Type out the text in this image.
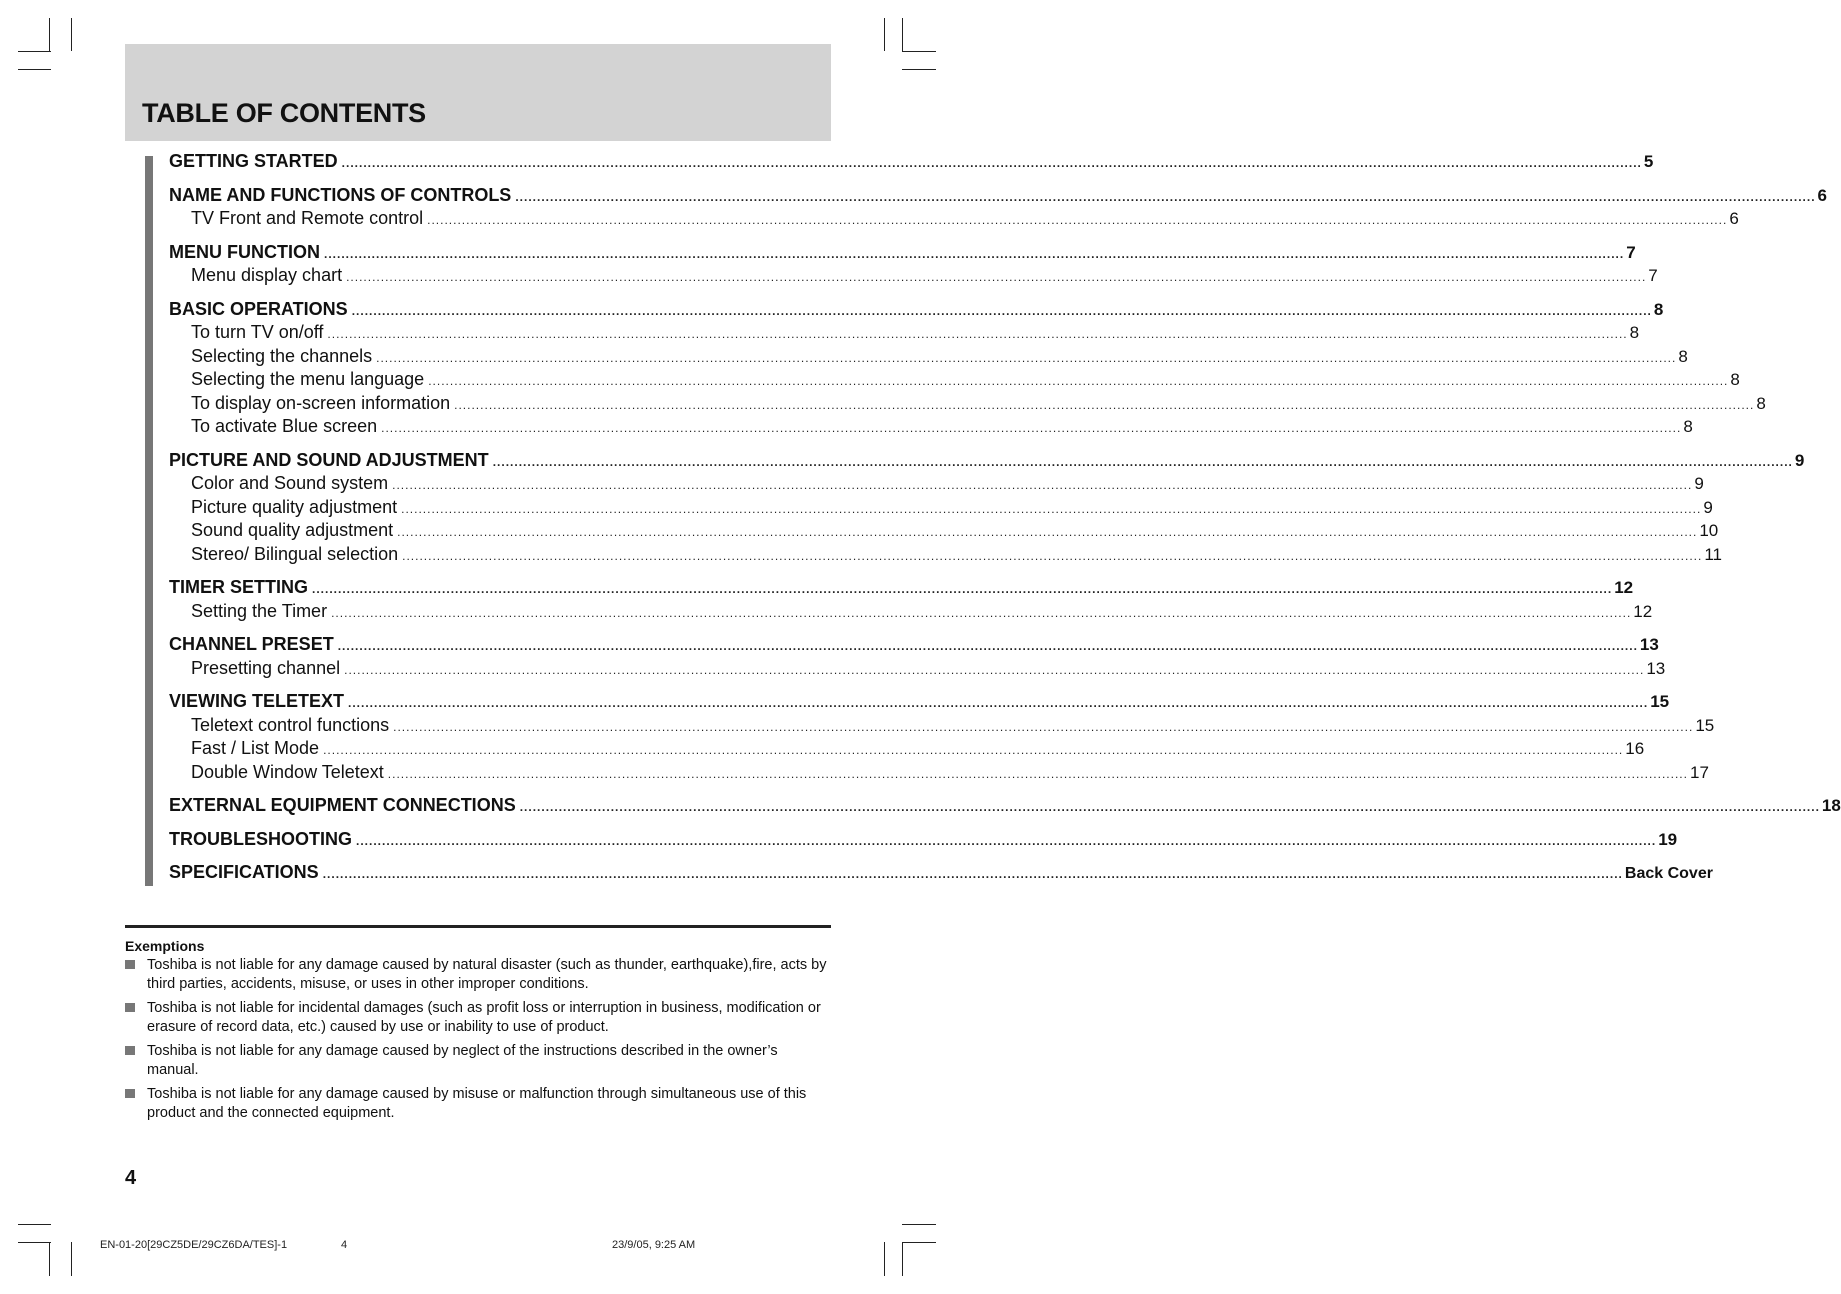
TABLE OF CONTENTS
GETTING STARTED ............................................................................................................................................................................................................................................................................................................ 5
NAME AND FUNCTIONS OF CONTROLS ............................................................................................................................................................................................................................................................................................................ 6
TV Front and Remote control ............................................................................................................................................................................................................................................................................................................ 6
MENU FUNCTION ............................................................................................................................................................................................................................................................................................................ 7
Menu display chart ............................................................................................................................................................................................................................................................................................................ 7
BASIC OPERATIONS ............................................................................................................................................................................................................................................................................................................ 8
To turn TV on/off ............................................................................................................................................................................................................................................................................................................ 8
Selecting the channels ............................................................................................................................................................................................................................................................................................................ 8
Selecting the menu language ............................................................................................................................................................................................................................................................................................................ 8
To display on-screen information ............................................................................................................................................................................................................................................................................................................ 8
To activate Blue screen ............................................................................................................................................................................................................................................................................................................ 8
PICTURE AND SOUND ADJUSTMENT ............................................................................................................................................................................................................................................................................................................ 9
Color and Sound system ............................................................................................................................................................................................................................................................................................................ 9
Picture quality adjustment ............................................................................................................................................................................................................................................................................................................ 9
Sound quality adjustment ............................................................................................................................................................................................................................................................................................................ 10
Stereo/ Bilingual selection ............................................................................................................................................................................................................................................................................................................ 11
TIMER SETTING ............................................................................................................................................................................................................................................................................................................ 12
Setting the Timer ............................................................................................................................................................................................................................................................................................................ 12
CHANNEL PRESET ............................................................................................................................................................................................................................................................................................................ 13
Presetting channel ............................................................................................................................................................................................................................................................................................................ 13
VIEWING TELETEXT ............................................................................................................................................................................................................................................................................................................ 15
Teletext control functions ............................................................................................................................................................................................................................................................................................................ 15
Fast / List Mode ............................................................................................................................................................................................................................................................................................................ 16
Double Window Teletext ............................................................................................................................................................................................................................................................................................................ 17
EXTERNAL EQUIPMENT CONNECTIONS ............................................................................................................................................................................................................................................................................................................ 18
TROUBLESHOOTING ............................................................................................................................................................................................................................................................................................................ 19
SPECIFICATIONS ............................................................................................................................................................................................................................................................................................................ Back Cover
Exemptions
Toshiba is not liable for any damage caused by natural disaster (such as thunder, earthquake),fire, acts by third parties, accidents, misuse, or uses in other improper conditions.
Toshiba is not liable for incidental damages (such as profit loss or interruption in business, modification or erasure of record data, etc.) caused by use or inability to use of product.
Toshiba is not liable for any damage caused by neglect of the instructions described in the owner’s manual.
Toshiba is not liable for any damage caused by misuse or malfunction through simultaneous use of this product and the connected equipment.
4
EN-01-20[29CZ5DE/29CZ6DA/TES]-1	4	23/9/05, 9:25 AM
